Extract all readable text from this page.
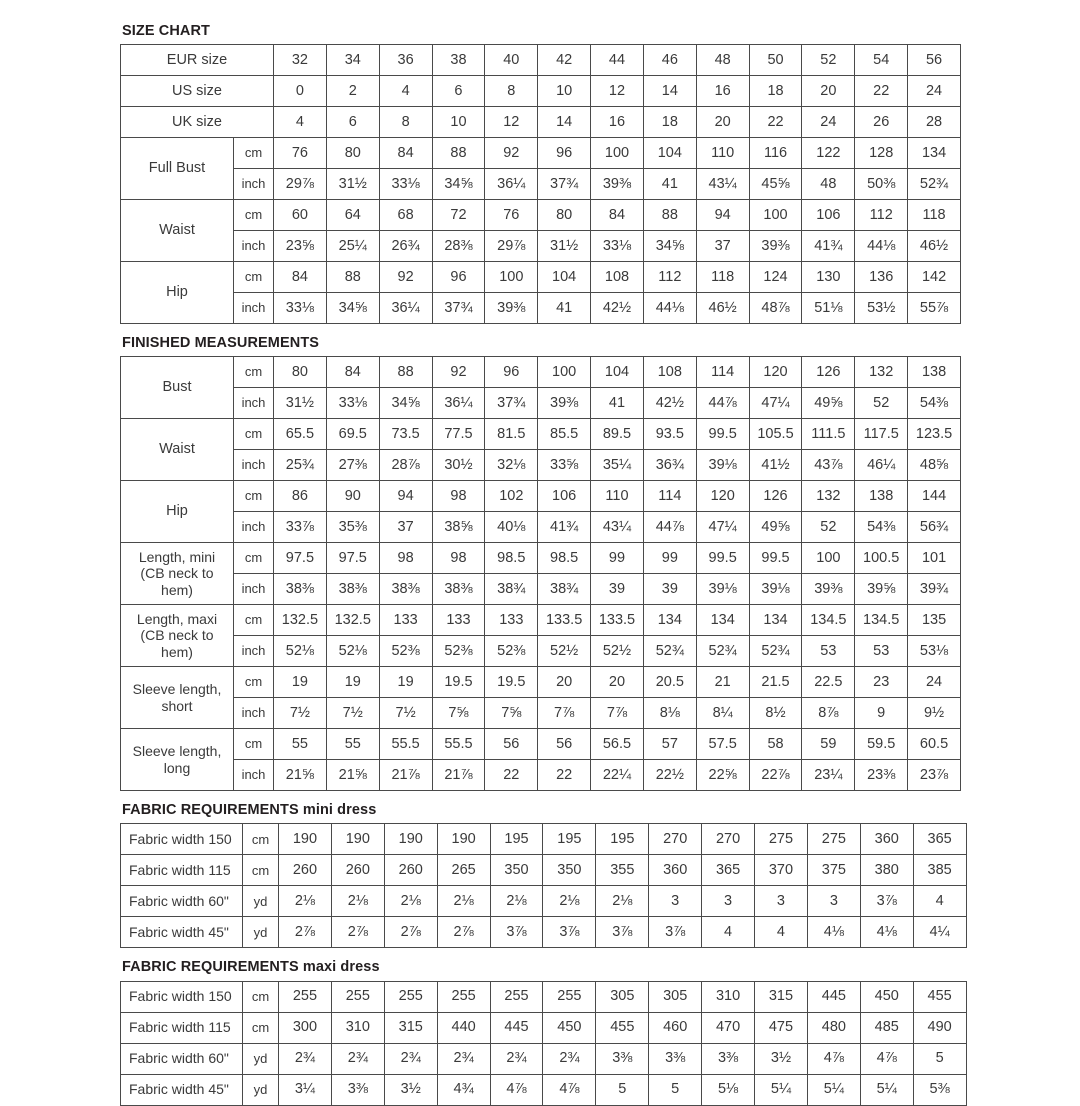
SIZE CHART
EUR size		32	34	36	38	40	42	44	46	48	50	52	54	56
US size		0	2	4	6	8	10	12	14	16	18	20	22	24
UK size		4	6	8	10	12	14	16	18	20	22	24	26	28
Full Bust	cm	76	80	84	88	92	96	100	104	110	116	122	128	134
	inch	29⅞	31½	33⅛	34⅝	36¼	37¾	39⅜	41	43¼	45⅝	48	50⅜	52¾
Waist	cm	60	64	68	72	76	80	84	88	94	100	106	112	118
	inch	23⅝	25¼	26¾	28⅜	29⅞	31½	33⅛	34⅝	37	39⅜	41¾	44⅛	46½
Hip	cm	84	88	92	96	100	104	108	112	118	124	130	136	142
	inch	33⅛	34⅝	36¼	37¾	39⅜	41	42½	44⅛	46½	48⅞	51⅛	53½	55⅞
FINISHED MEASUREMENTS
Bust	cm	80	84	88	92	96	100	104	108	114	120	126	132	138
	inch	31½	33⅛	34⅝	36¼	37¾	39⅜	41	42½	44⅞	47¼	49⅝	52	54⅜
Waist	cm	65.5	69.5	73.5	77.5	81.5	85.5	89.5	93.5	99.5	105.5	111.5	117.5	123.5
	inch	25¾	27⅜	28⅞	30½	32⅛	33⅝	35¼	36¾	39⅛	41½	43⅞	46¼	48⅝
Hip	cm	86	90	94	98	102	106	110	114	120	126	132	138	144
	inch	33⅞	35⅜	37	38⅝	40⅛	41¾	43¼	44⅞	47¼	49⅝	52	54⅜	56¾
Length, mini
(CB neck to hem)	cm	97.5	97.5	98	98	98.5	98.5	99	99	99.5	99.5	100	100.5	101
	inch	38⅜	38⅜	38⅜	38⅜	38¾	38¾	39	39	39⅛	39⅛	39⅜	39⅝	39¾
Length, maxi
(CB neck to hem)	cm	132.5	132.5	133	133	133	133.5	133.5	134	134	134	134.5	134.5	135
	inch	52⅛	52⅛	52⅜	52⅜	52⅜	52½	52½	52¾	52¾	52¾	53	53	53⅛
Sleeve length,
short	cm	19	19	19	19.5	19.5	20	20	20.5	21	21.5	22.5	23	24
	inch	7½	7½	7½	7⅝	7⅝	7⅞	7⅞	8⅛	8¼	8½	8⅞	9	9½
Sleeve length,
long	cm	55	55	55.5	55.5	56	56	56.5	57	57.5	58	59	59.5	60.5
	inch	21⅝	21⅝	21⅞	21⅞	22	22	22¼	22½	22⅝	22⅞	23¼	23⅜	23⅞
FABRIC REQUIREMENTS mini dress
Fabric width 150	cm	190	190	190	190	195	195	195	270	270	275	275	360	365
Fabric width 115	cm	260	260	260	265	350	350	355	360	365	370	375	380	385
Fabric width 60"	yd	2⅛	2⅛	2⅛	2⅛	2⅛	2⅛	2⅛	3	3	3	3	3⅞	4
Fabric width 45"	yd	2⅞	2⅞	2⅞	2⅞	3⅞	3⅞	3⅞	3⅞	4	4	4⅛	4⅛	4¼
FABRIC REQUIREMENTS maxi dress
Fabric width 150	cm	255	255	255	255	255	255	305	305	310	315	445	450	455
Fabric width 115	cm	300	310	315	440	445	450	455	460	470	475	480	485	490
Fabric width 60"	yd	2¾	2¾	2¾	2¾	2¾	2¾	3⅜	3⅜	3⅜	3½	4⅞	4⅞	5
Fabric width 45"	yd	3¼	3⅜	3½	4¾	4⅞	4⅞	5	5	5⅛	5¼	5¼	5¼	5⅜
